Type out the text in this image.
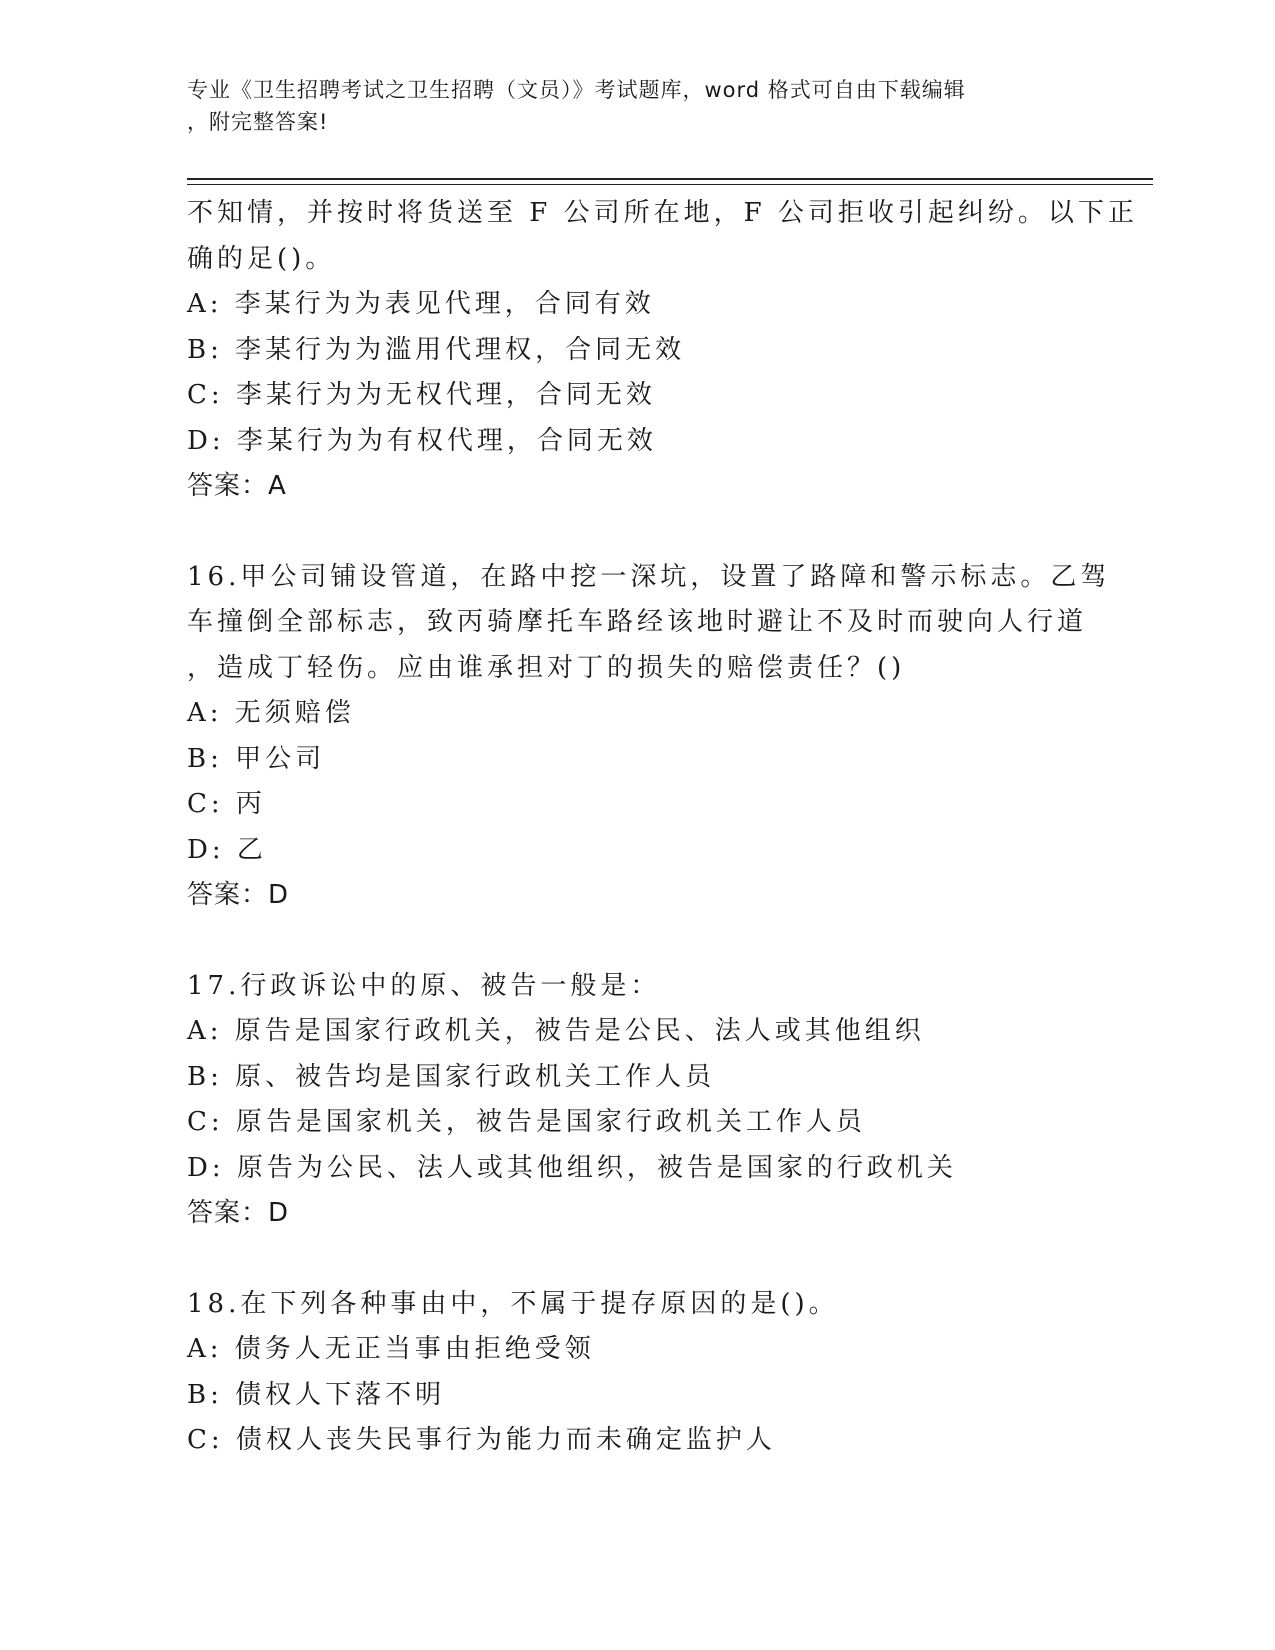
专业《卫生招聘考试之卫生招聘（文员）》考试题库，word 格式可自由下载编辑
，附完整答案!
不知情，并按时将货送至 F 公司所在地，F 公司拒收引起纠纷。以下正
确的足()。
A: 李某行为为表见代理，合同有效
B: 李某行为为滥用代理权，合同无效
C: 李某行为为无权代理，合同无效
D: 李某行为为有权代理，合同无效
答案：A
16.甲公司铺设管道，在路中挖一深坑，设置了路障和警示标志。乙驾
车撞倒全部标志，致丙骑摩托车路经该地时避让不及时而驶向人行道
，造成丁轻伤。应由谁承担对丁的损失的赔偿责任？()
A: 无须赔偿
B: 甲公司
C: 丙
D: 乙
答案：D
17.行政诉讼中的原、被告一般是：
A: 原告是国家行政机关，被告是公民、法人或其他组织
B: 原、被告均是国家行政机关工作人员
C: 原告是国家机关，被告是国家行政机关工作人员
D: 原告为公民、法人或其他组织，被告是国家的行政机关
答案：D
18.在下列各种事由中，不属于提存原因的是()。
A: 债务人无正当事由拒绝受领
B: 债权人下落不明
C: 债权人丧失民事行为能力而未确定监护人
